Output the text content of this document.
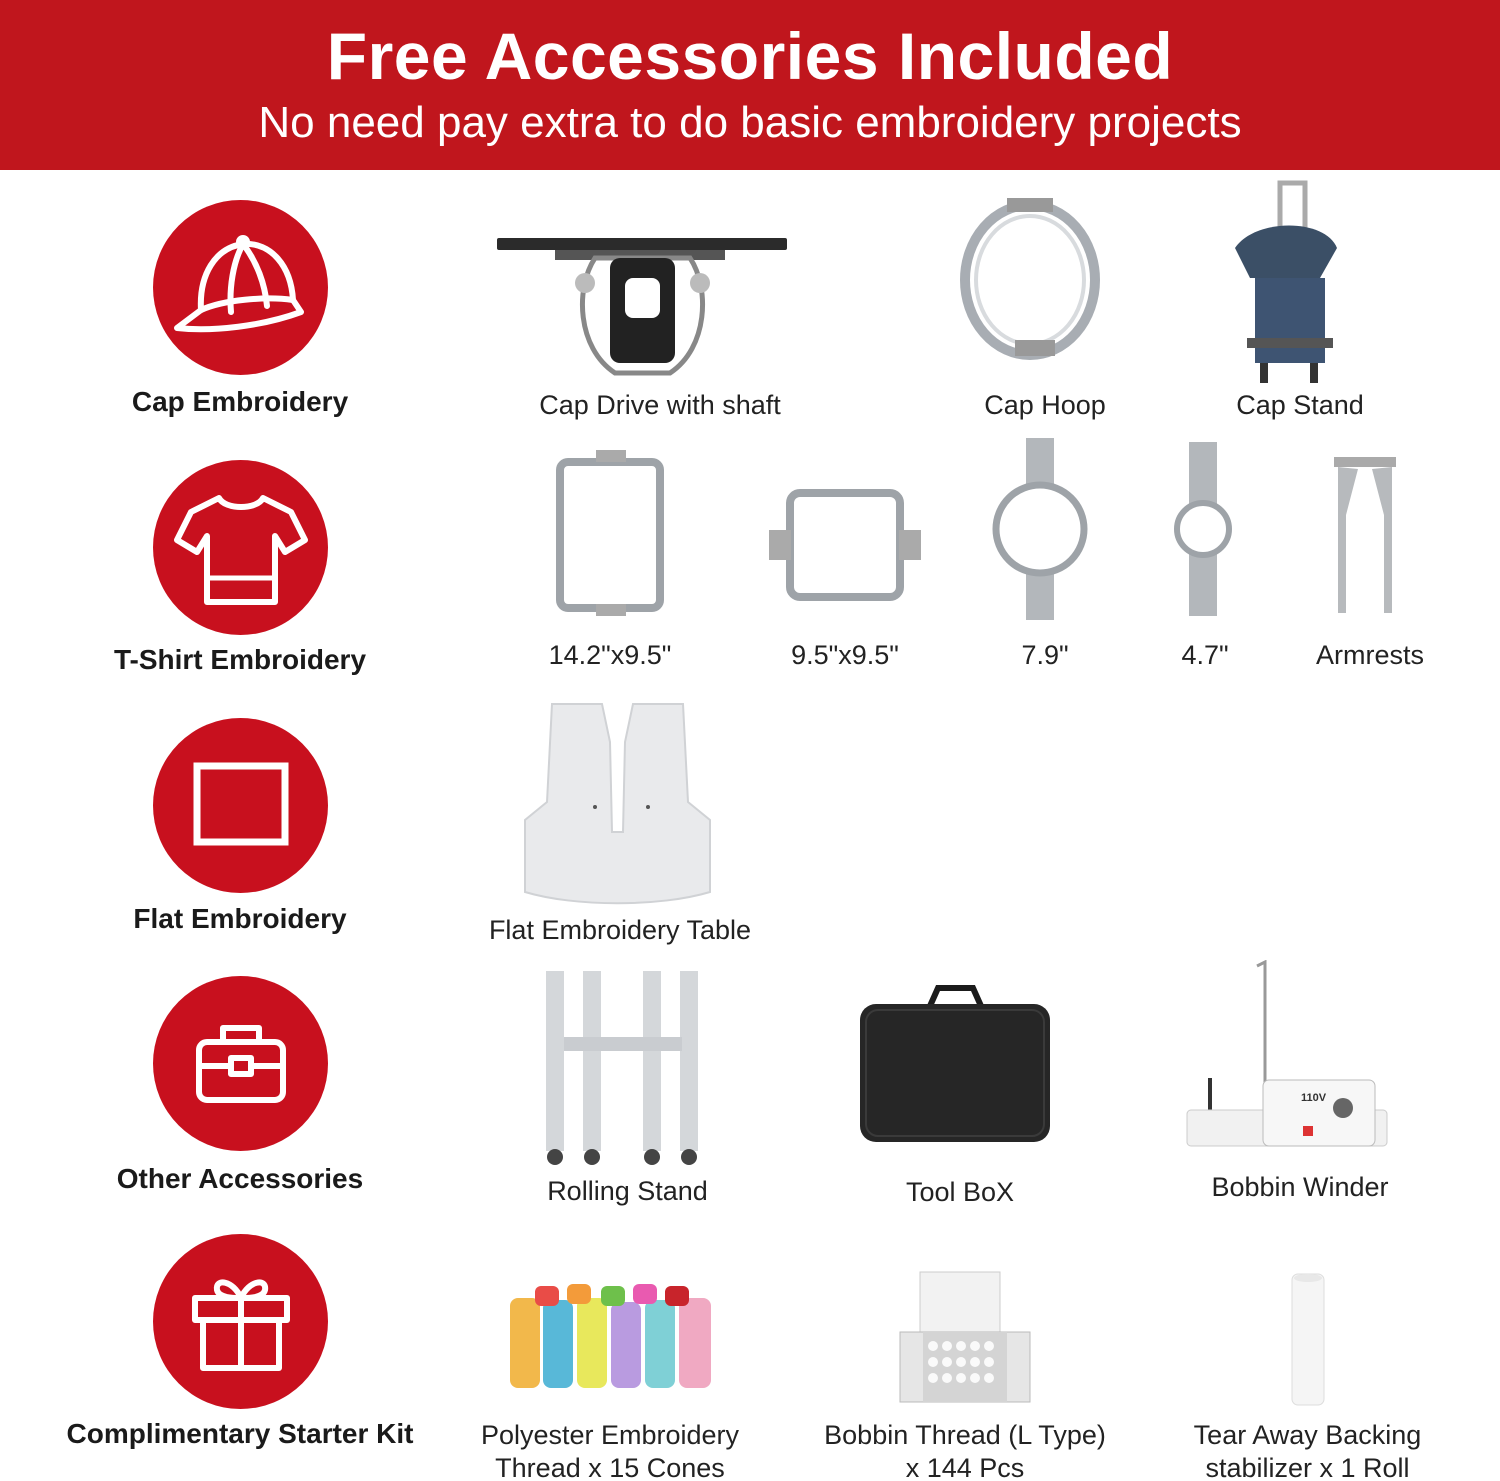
Free Accessories Included
No need pay extra to do basic embroidery projects
Cap Embroidery
T-Shirt Embroidery
Flat Embroidery
Other Accessories
Complimentary Starter Kit
Cap Drive with shaft	Cap Hoop	Cap Stand
14.2"x9.5"	9.5"x9.5"	7.9"	4.7"	Armrests
Flat Embroidery Table
Rolling Stand	Tool BoX
110V
Bobbin Winder
Polyester Embroidery
Thread x 15 Cones
Bobbin Thread (L Type)
x 144 Pcs
Tear Away Backing
stabilizer x 1 Roll
